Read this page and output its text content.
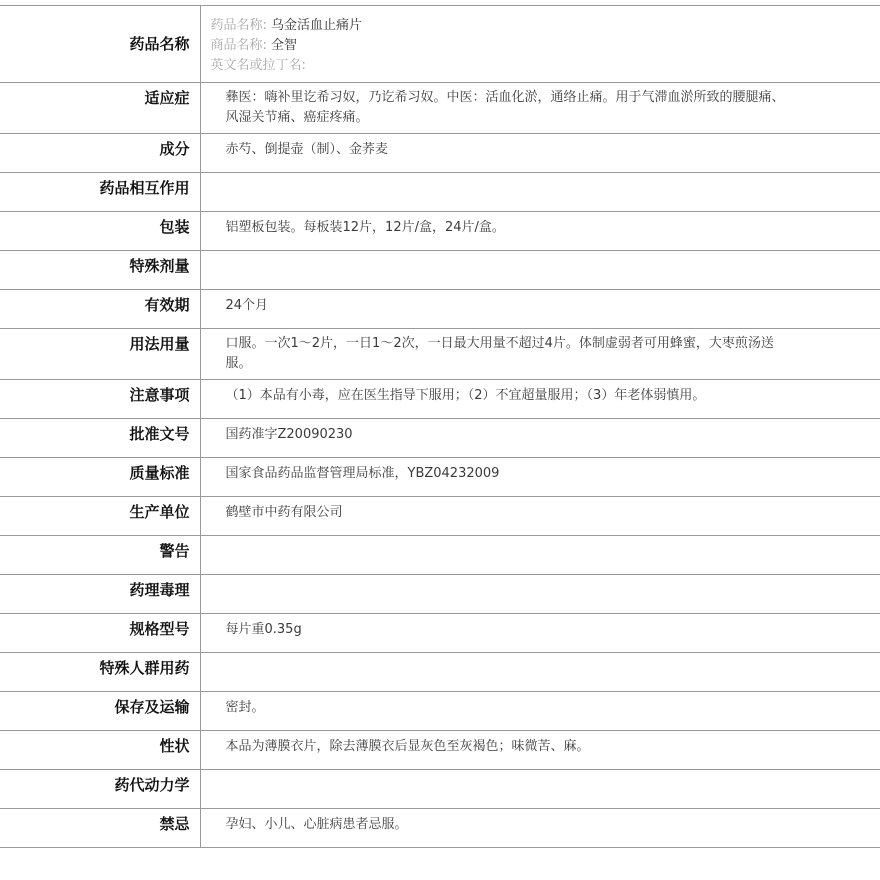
药品名称	药品名称: 乌金活血止痛片
商品名称: 全智
英文名或拉丁名:

适应症	彝医：嗨补里讫希习奴，乃讫希习奴。中医：活血化淤，通络止痛。用于气滞血淤所致的腰腿痛、风湿关节痛、癌症疼痛。
成分	赤芍、倒提壶（制）、金荞麦
药品相互作用	
包装	铝塑板包装。每板装12片，12片/盒，24片/盒。
特殊剂量	
有效期	24个月
用法用量	口服。一次1～2片，一日1～2次，一日最大用量不超过4片。体制虚弱者可用蜂蜜，大枣煎汤送服。
注意事项	（1）本品有小毒，应在医生指导下服用；（2）不宜超量服用；（3）年老体弱慎用。
批准文号	国药准字Z20090230
质量标准	国家食品药品监督管理局标准，YBZ04232009
生产单位	鹤壁市中药有限公司
警告	
药理毒理	
规格型号	每片重0.35g
特殊人群用药	
保存及运输	密封。
性状	本品为薄膜衣片，除去薄膜衣后显灰色至灰褐色；味微苦、麻。
药代动力学	
禁忌	孕妇、小儿、心脏病患者忌服。
